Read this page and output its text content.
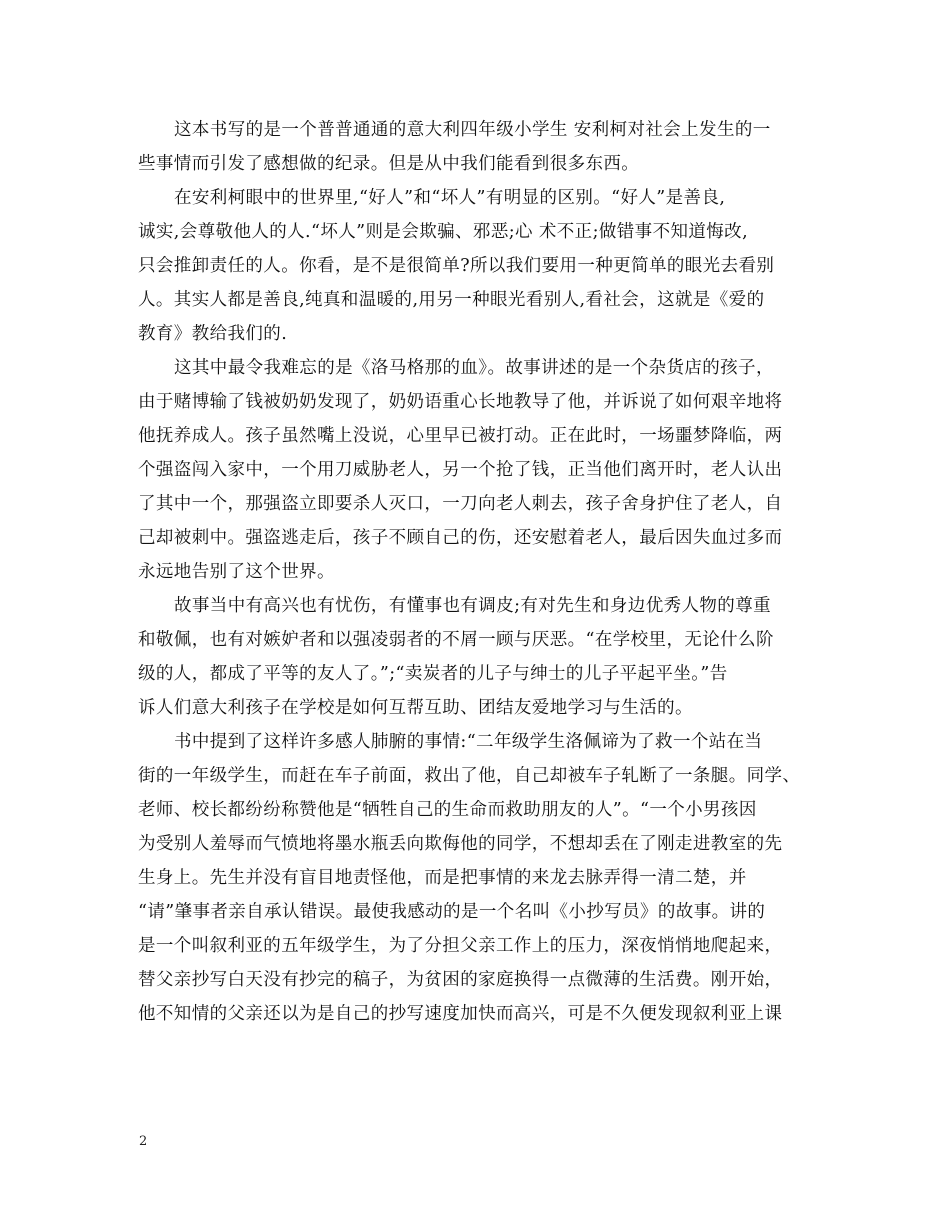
这本书写的是一个普普通通的意大利四年级小学生 安利柯对社会上发生的一
些事情而引发了感想做的纪录。但是从中我们能看到很多东西。
在安利柯眼中的世界里,“好人”和“坏人”有明显的区别。“好人”是善良,
诚实,会尊敬他人的人.“坏人”则是会欺骗、邪恶;心 术不正;做错事不知道悔改,
只会推卸责任的人。你看，是不是很简单?所以我们要用一种更简单的眼光去看别
人。其实人都是善良,纯真和温暖的,用另一种眼光看别人,看社会，这就是《爱的
教育》教给我们的.
这其中最令我难忘的是《洛马格那的血》。故事讲述的是一个杂货店的孩子，
由于赌博输了钱被奶奶发现了，奶奶语重心长地教导了他，并诉说了如何艰辛地将
他抚养成人。孩子虽然嘴上没说，心里早已被打动。正在此时，一场噩梦降临，两
个强盗闯入家中，一个用刀威胁老人，另一个抢了钱，正当他们离开时，老人认出
了其中一个，那强盗立即要杀人灭口，一刀向老人刺去，孩子舍身护住了老人，自
己却被刺中。强盗逃走后，孩子不顾自己的伤，还安慰着老人，最后因失血过多而
永远地告别了这个世界。
故事当中有高兴也有忧伤，有懂事也有调皮;有对先生和身边优秀人物的尊重
和敬佩，也有对嫉妒者和以强凌弱者的不屑一顾与厌恶。“在学校里，无论什么阶
级的人，都成了平等的友人了。”;“卖炭者的儿子与绅士的儿子平起平坐。”告
诉人们意大利孩子在学校是如何互帮互助、团结友爱地学习与生活的。
书中提到了这样许多感人肺腑的事情:“二年级学生洛佩谛为了救一个站在当
街的一年级学生，而赶在车子前面，救出了他，自己却被车子轧断了一条腿。同学、
老师、校长都纷纷称赞他是“牺牲自己的生命而救助朋友的人”。“一个小男孩因
为受别人羞辱而气愤地将墨水瓶丢向欺侮他的同学，不想却丢在了刚走进教室的先
生身上。先生并没有盲目地责怪他，而是把事情的来龙去脉弄得一清二楚，并
“请”肇事者亲自承认错误。最使我感动的是一个名叫《小抄写员》的故事。讲的
是一个叫叙利亚的五年级学生，为了分担父亲工作上的压力，深夜悄悄地爬起来，
替父亲抄写白天没有抄完的稿子，为贫困的家庭换得一点微薄的生活费。刚开始，
他不知情的父亲还以为是自己的抄写速度加快而高兴，可是不久便发现叙利亚上课
2
